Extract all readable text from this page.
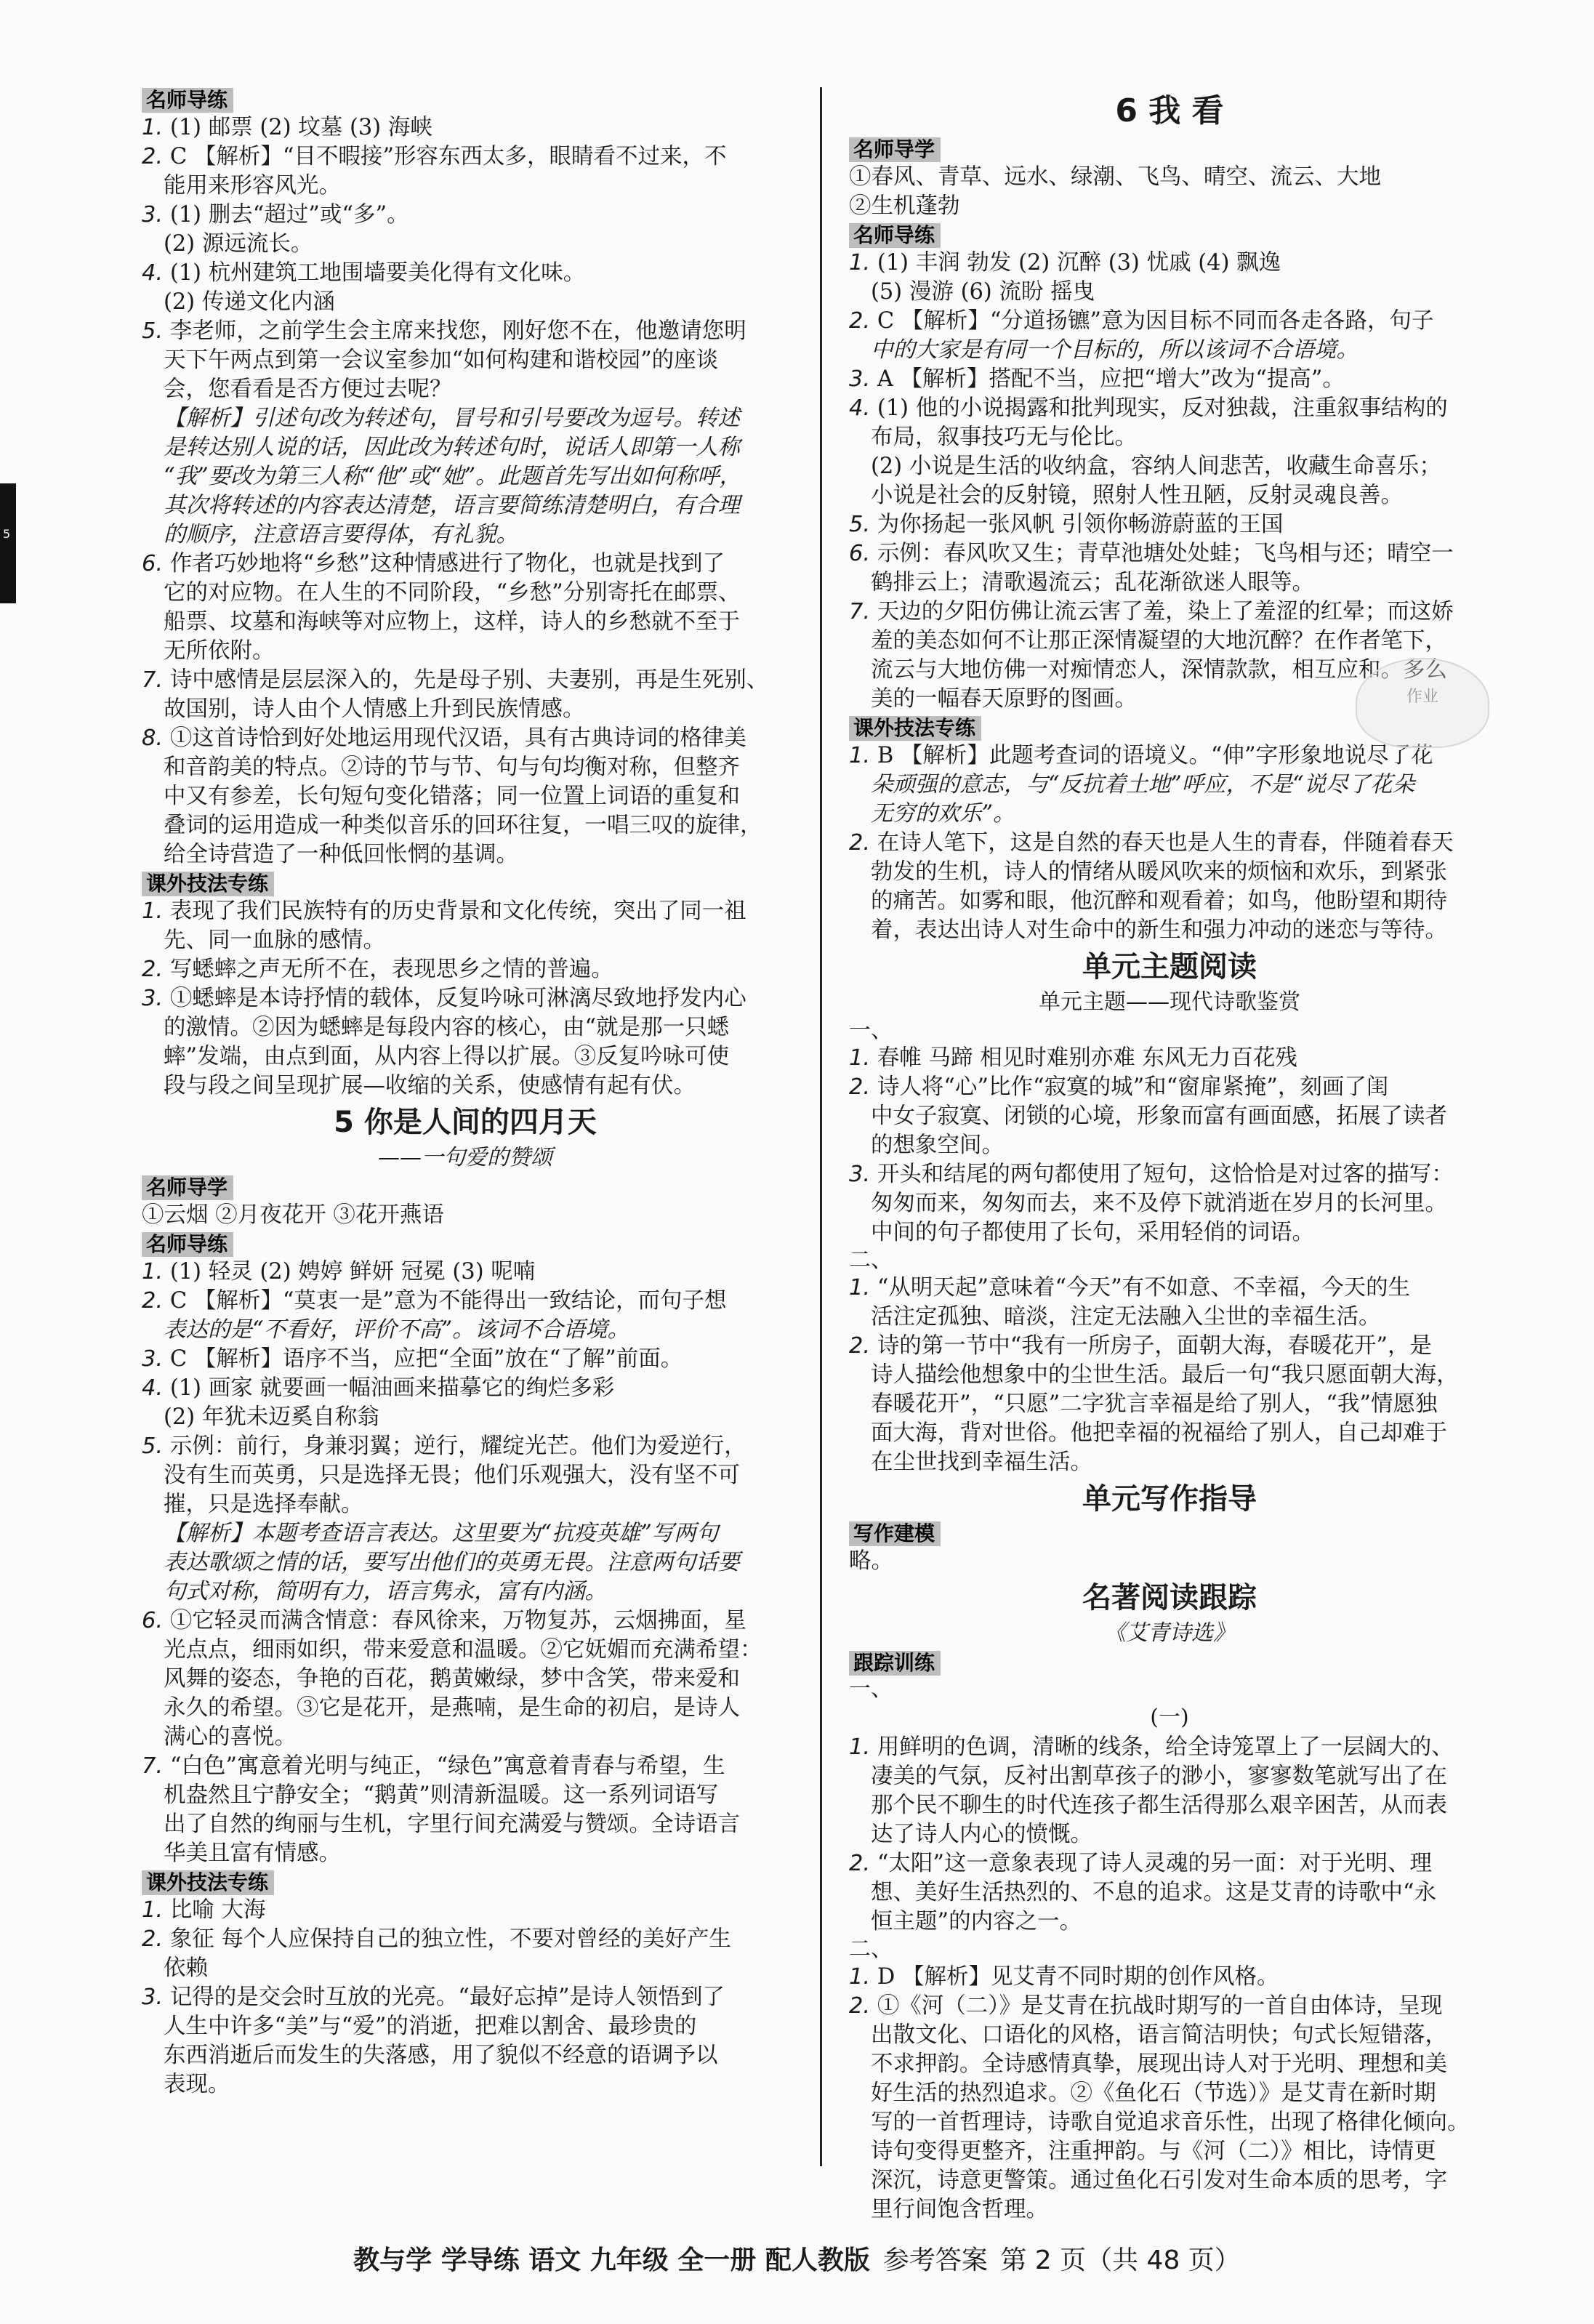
5
名师导练
1. (1) 邮票 (2) 坟墓 (3) 海峡
2. C 【解析】“目不暇接”形容东西太多，眼睛看不过来，不
能用来形容风光。
3. (1) 删去“超过”或“多”。
(2) 源远流长。
4. (1) 杭州建筑工地围墙要美化得有文化味。
(2) 传递文化内涵
5. 李老师，之前学生会主席来找您，刚好您不在，他邀请您明
天下午两点到第一会议室参加“如何构建和谐校园”的座谈
会，您看看是否方便过去呢？
【解析】引述句改为转述句，冒号和引号要改为逗号。转述
是转达别人说的话，因此改为转述句时，说话人即第一人称
“我”要改为第三人称“他”或“她”。此题首先写出如何称呼，
其次将转述的内容表达清楚，语言要简练清楚明白，有合理
的顺序，注意语言要得体，有礼貌。
6. 作者巧妙地将“乡愁”这种情感进行了物化，也就是找到了
它的对应物。在人生的不同阶段，“乡愁”分别寄托在邮票、
船票、坟墓和海峡等对应物上，这样，诗人的乡愁就不至于
无所依附。
7. 诗中感情是层层深入的，先是母子别、夫妻别，再是生死别、
故国别，诗人由个人情感上升到民族情感。
8. ①这首诗恰到好处地运用现代汉语，具有古典诗词的格律美
和音韵美的特点。②诗的节与节、句与句均衡对称，但整齐
中又有参差，长句短句变化错落；同一位置上词语的重复和
叠词的运用造成一种类似音乐的回环往复，一唱三叹的旋律，
给全诗营造了一种低回怅惘的基调。
课外技法专练
1. 表现了我们民族特有的历史背景和文化传统，突出了同一祖
先、同一血脉的感情。
2. 写蟋蟀之声无所不在，表现思乡之情的普遍。
3. ①蟋蟀是本诗抒情的载体，反复吟咏可淋漓尽致地抒发内心
的激情。②因为蟋蟀是每段内容的核心，由“就是那一只蟋
蟀”发端，由点到面，从内容上得以扩展。③反复吟咏可使
段与段之间呈现扩展—收缩的关系，使感情有起有伏。
5 你是人间的四月天
——一句爱的赞颂
名师导学
①云烟 ②月夜花开 ③花开燕语
名师导练
1. (1) 轻灵 (2) 娉婷 鲜妍 冠冕 (3) 呢喃
2. C 【解析】“莫衷一是”意为不能得出一致结论，而句子想
表达的是“不看好，评价不高”。该词不合语境。
3. C 【解析】语序不当，应把“全面”放在“了解”前面。
4. (1) 画家 就要画一幅油画来描摹它的绚烂多彩
(2) 年犹未迈奚自称翁
5. 示例：前行，身兼羽翼；逆行，耀绽光芒。他们为爱逆行，
没有生而英勇，只是选择无畏；他们乐观强大，没有坚不可
摧，只是选择奉献。
【解析】本题考查语言表达。这里要为“抗疫英雄”写两句
表达歌颂之情的话，要写出他们的英勇无畏。注意两句话要
句式对称，简明有力，语言隽永，富有内涵。
6. ①它轻灵而满含情意：春风徐来，万物复苏，云烟拂面，星
光点点，细雨如织，带来爱意和温暖。②它妩媚而充满希望：
风舞的姿态，争艳的百花，鹅黄嫩绿，梦中含笑，带来爱和
永久的希望。③它是花开，是燕喃，是生命的初启，是诗人
满心的喜悦。
7. “白色”寓意着光明与纯正，“绿色”寓意着青春与希望，生
机盎然且宁静安全；“鹅黄”则清新温暖。这一系列词语写
出了自然的绚丽与生机，字里行间充满爱与赞颂。全诗语言
华美且富有情感。
课外技法专练
1. 比喻 大海
2. 象征 每个人应保持自己的独立性，不要对曾经的美好产生
依赖
3. 记得的是交会时互放的光亮。“最好忘掉”是诗人领悟到了
人生中许多“美”与“爱”的消逝，把难以割舍、最珍贵的
东西消逝后而发生的失落感，用了貌似不经意的语调予以
表现。
6 我 看
名师导学
①春风、青草、远水、绿潮、飞鸟、晴空、流云、大地
②生机蓬勃
名师导练
1. (1) 丰润 勃发 (2) 沉醉 (3) 忧戚 (4) 飘逸
(5) 漫游 (6) 流盼 摇曳
2. C 【解析】“分道扬镳”意为因目标不同而各走各路，句子
中的大家是有同一个目标的，所以该词不合语境。
3. A 【解析】搭配不当，应把“增大”改为“提高”。
4. (1) 他的小说揭露和批判现实，反对独裁，注重叙事结构的
布局，叙事技巧无与伦比。
(2) 小说是生活的收纳盒，容纳人间悲苦，收藏生命喜乐；
小说是社会的反射镜，照射人性丑陋，反射灵魂良善。
5. 为你扬起一张风帆 引领你畅游蔚蓝的王国
6. 示例：春风吹又生；青草池塘处处蛙；飞鸟相与还；晴空一
鹤排云上；清歌遏流云；乱花渐欲迷人眼等。
7. 天边的夕阳仿佛让流云害了羞，染上了羞涩的红晕；而这娇
羞的美态如何不让那正深情凝望的大地沉醉？在作者笔下，
流云与大地仿佛一对痴情恋人，深情款款，相互应和。多么
美的一幅春天原野的图画。
课外技法专练
1. B 【解析】此题考查词的语境义。“伸”字形象地说尽了花
朵顽强的意志，与“反抗着土地”呼应，不是“说尽了花朵
无穷的欢乐”。
2. 在诗人笔下，这是自然的春天也是人生的青春，伴随着春天
勃发的生机，诗人的情绪从暖风吹来的烦恼和欢乐，到紧张
的痛苦。如雾和眼，他沉醉和观看着；如鸟，他盼望和期待
着，表达出诗人对生命中的新生和强力冲动的迷恋与等待。
单元主题阅读
单元主题——现代诗歌鉴赏
一、
1. 春帷 马蹄 相见时难别亦难 东风无力百花残
2. 诗人将“心”比作“寂寞的城”和“窗扉紧掩”，刻画了闺
中女子寂寞、闭锁的心境，形象而富有画面感，拓展了读者
的想象空间。
3. 开头和结尾的两句都使用了短句，这恰恰是对过客的描写：
匆匆而来，匆匆而去，来不及停下就消逝在岁月的长河里。
中间的句子都使用了长句，采用轻俏的词语。
二、
1. “从明天起”意味着“今天”有不如意、不幸福，今天的生
活注定孤独、暗淡，注定无法融入尘世的幸福生活。
2. 诗的第一节中“我有一所房子，面朝大海，春暖花开”，是
诗人描绘他想象中的尘世生活。最后一句“我只愿面朝大海，
春暖花开”，“只愿”二字犹言幸福是给了别人，“我”情愿独
面大海，背对世俗。他把幸福的祝福给了别人，自己却难于
在尘世找到幸福生活。
单元写作指导
写作建模
略。
名著阅读跟踪
《艾青诗选》
跟踪训练
一、
(一)
1. 用鲜明的色调，清晰的线条，给全诗笼罩上了一层阔大的、
凄美的气氛，反衬出割草孩子的渺小，寥寥数笔就写出了在
那个民不聊生的时代连孩子都生活得那么艰辛困苦，从而表
达了诗人内心的愤慨。
2. “太阳”这一意象表现了诗人灵魂的另一面：对于光明、理
想、美好生活热烈的、不息的追求。这是艾青的诗歌中“永
恒主题”的内容之一。
二、
1. D 【解析】见艾青不同时期的创作风格。
2. ①《河（二）》是艾青在抗战时期写的一首自由体诗，呈现
出散文化、口语化的风格，语言简洁明快；句式长短错落，
不求押韵。全诗感情真挚，展现出诗人对于光明、理想和美
好生活的热烈追求。②《鱼化石（节选）》是艾青在新时期
写的一首哲理诗，诗歌自觉追求音乐性，出现了格律化倾向。
诗句变得更整齐，注重押韵。与《河（二）》相比，诗情更
深沉，诗意更警策。通过鱼化石引发对生命本质的思考，字
里行间饱含哲理。
作业
教与学 学导练 语文 九年级 全一册 配人教版 参考答案 第 2 页（共 48 页）
